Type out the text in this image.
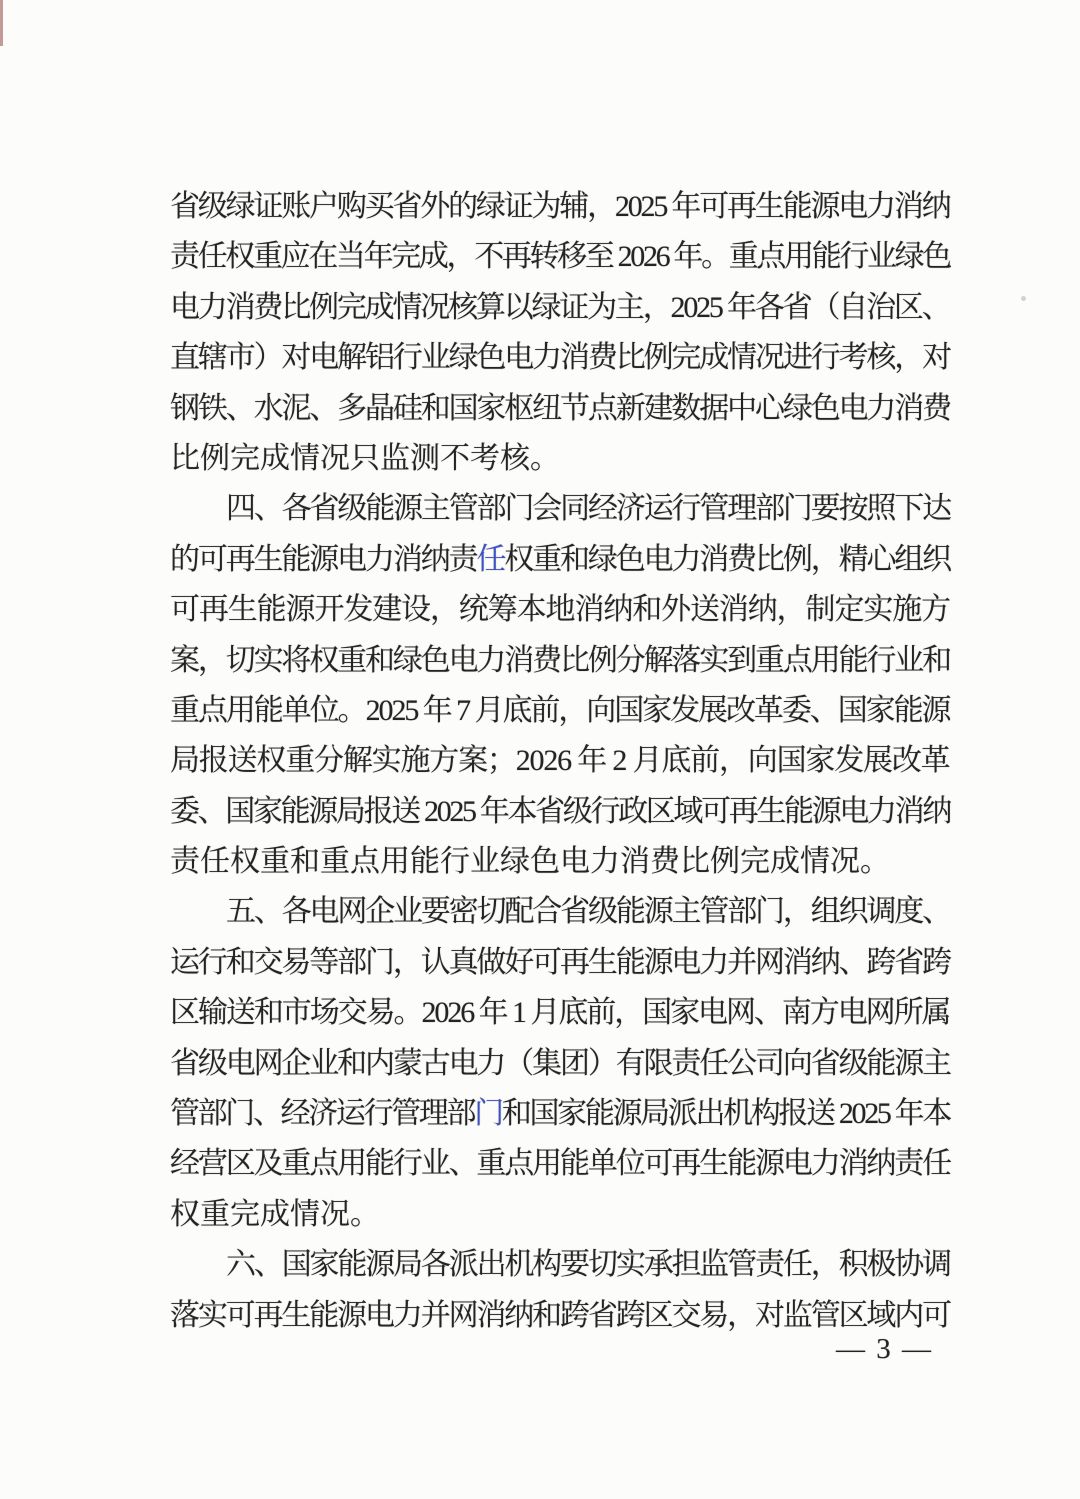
省级绿证账户购买省外的绿证为辅，2025 年可再生能源电力消纳
责任权重应在当年完成，不再转移至 2026 年。重点用能行业绿色
电力消费比例完成情况核算以绿证为主，2025 年各省（自治区、
直辖市）对电解铝行业绿色电力消费比例完成情况进行考核，对
钢铁、水泥、多晶硅和国家枢纽节点新建数据中心绿色电力消费
比例完成情况只监测不考核。
四、各省级能源主管部门会同经济运行管理部门要按照下达
的可再生能源电力消纳责任权重和绿色电力消费比例，精心组织
可再生能源开发建设，统筹本地消纳和外送消纳，制定实施方
案，切实将权重和绿色电力消费比例分解落实到重点用能行业和
重点用能单位。2025 年 7 月底前，向国家发展改革委、国家能源
局报送权重分解实施方案；2026 年 2 月底前，向国家发展改革
委、国家能源局报送 2025 年本省级行政区域可再生能源电力消纳
责任权重和重点用能行业绿色电力消费比例完成情况。
五、各电网企业要密切配合省级能源主管部门，组织调度、
运行和交易等部门，认真做好可再生能源电力并网消纳、跨省跨
区输送和市场交易。2026 年 1 月底前，国家电网、南方电网所属
省级电网企业和内蒙古电力（集团）有限责任公司向省级能源主
管部门、经济运行管理部门和国家能源局派出机构报送 2025 年本
经营区及重点用能行业、重点用能单位可再生能源电力消纳责任
权重完成情况。
六、国家能源局各派出机构要切实承担监管责任，积极协调
落实可再生能源电力并网消纳和跨省跨区交易，对监管区域内可
— 3 —
